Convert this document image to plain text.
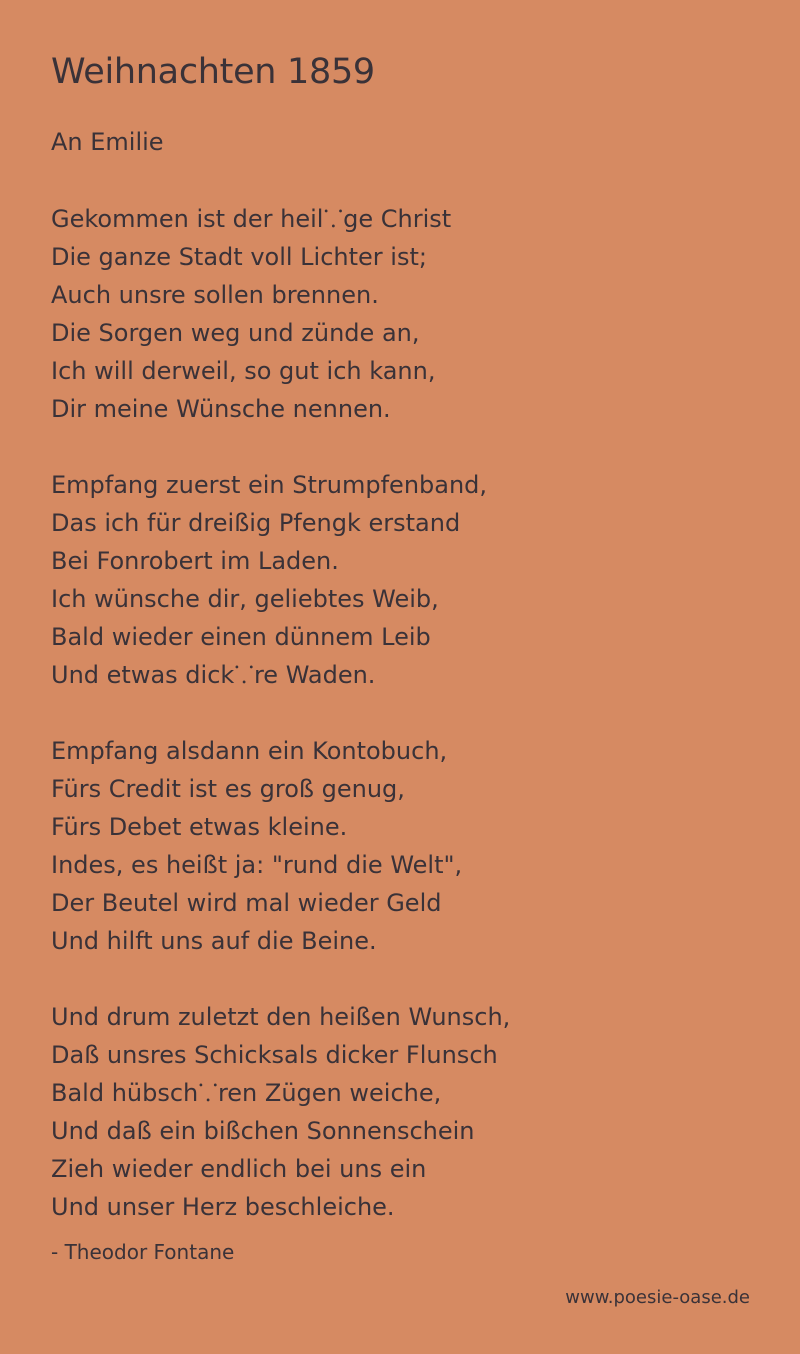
Weihnachten 1859
An Emilie
Gekommen ist der heil⸪ge Christ
Die ganze Stadt voll Lichter ist;
Auch unsre sollen brennen.
Die Sorgen weg und zünde an,
Ich will derweil, so gut ich kann,
Dir meine Wünsche nennen.
Empfang zuerst ein Strumpfenband,
Das ich für dreißig Pfengk erstand
Bei Fonrobert im Laden.
Ich wünsche dir, geliebtes Weib,
Bald wieder einen dünnem Leib
Und etwas dick⸪re Waden.
Empfang alsdann ein Kontobuch,
Fürs Credit ist es groß genug,
Fürs Debet etwas kleine.
Indes, es heißt ja: "rund die Welt",
Der Beutel wird mal wieder Geld
Und hilft uns auf die Beine.
Und drum zuletzt den heißen Wunsch,
Daß unsres Schicksals dicker Flunsch
Bald hübsch⸪ren Zügen weiche,
Und daß ein bißchen Sonnenschein
Zieh wieder endlich bei uns ein
Und unser Herz beschleiche.
- Theodor Fontane
www.poesie-oase.de
